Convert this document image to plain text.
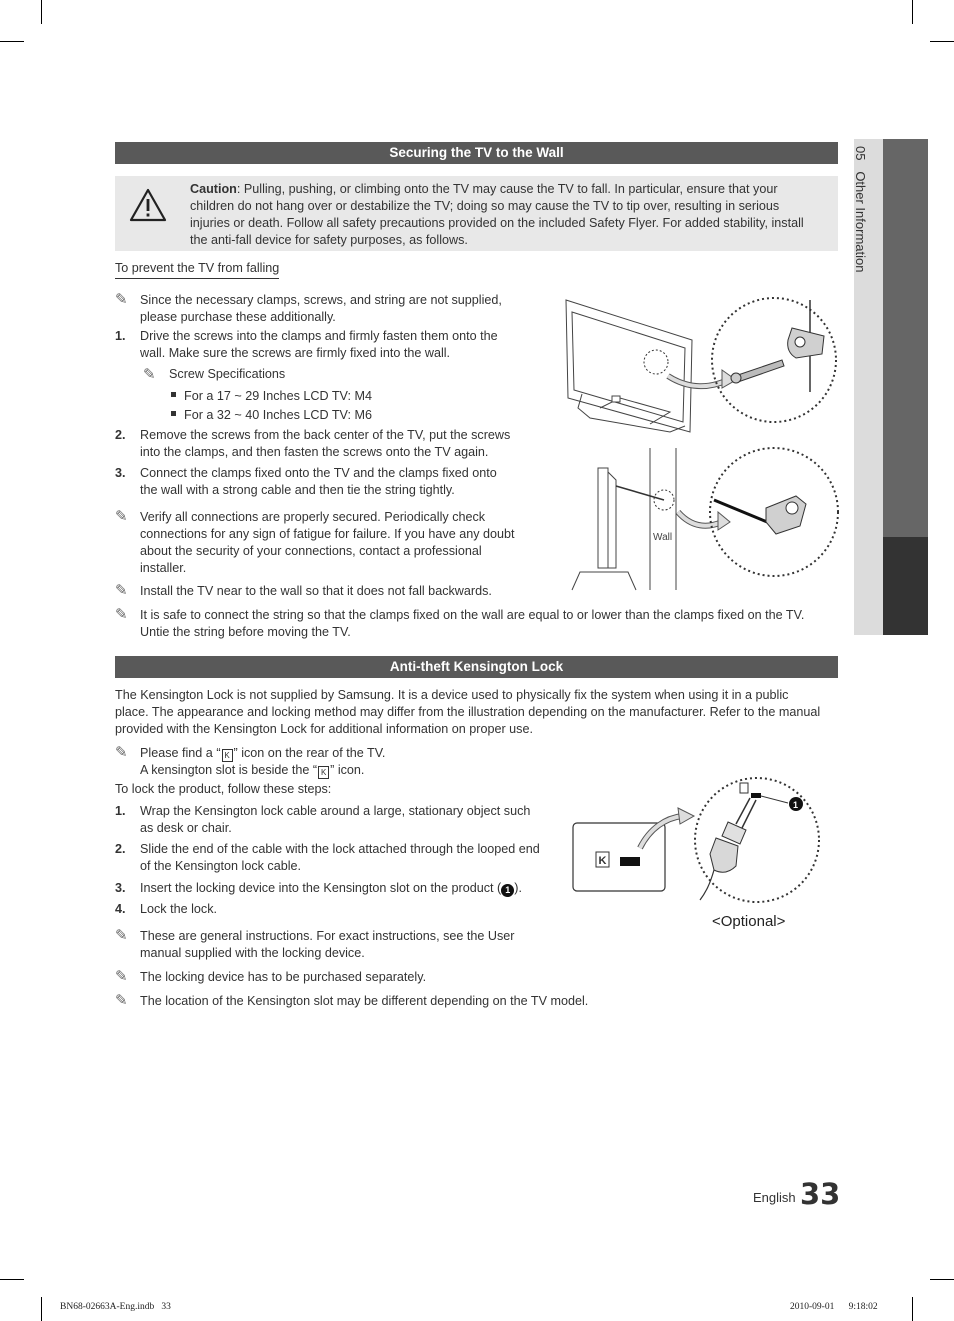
05   Other Information
Securing the TV to the Wall
Caution: Pulling, pushing, or climbing onto the TV may cause the TV to fall. In particular, ensure that your
children do not hang over or destabilize the TV; doing so may cause the TV to tip over, resulting in serious
injuries or death. Follow all safety precautions provided on the included Safety Flyer. For added stability, install
the anti-fall device for safety purposes, as follows.
To prevent the TV from falling
✎ Since the necessary clamps, screws, and string are not supplied,
please purchase these additionally.
1. Drive the screws into the clamps and firmly fasten them onto the
wall. Make sure the screws are firmly fixed into the wall.
✎ Screw Specifications
For a 17 ~ 29 Inches LCD TV: M4
For a 32 ~ 40 Inches LCD TV: M6
2. Remove the screws from the back center of the TV, put the screws
into the clamps, and then fasten the screws onto the TV again.
3. Connect the clamps fixed onto the TV and the clamps fixed onto
the wall with a strong cable and then tie the string tightly.
✎ Verify all connections are properly secured. Periodically check
connections for any sign of fatigue for failure. If you have any doubt
about the security of your connections, contact a professional
installer.
✎ Install the TV near to the wall so that it does not fall backwards.
✎ It is safe to connect the string so that the clamps fixed on the wall are equal to or lower than the clamps fixed on the TV.
Untie the string before moving the TV.
Wall
Anti-theft Kensington Lock
The Kensington Lock is not supplied by Samsung. It is a device used to physically fix the system when using it in a public
place. The appearance and locking method may differ from the illustration depending on the manufacturer. Refer to the manual
provided with the Kensington Lock for additional information on proper use.
✎ Please find a “ K ” icon on the rear of the TV.
A kensington slot is beside the “ K ” icon.
To lock the product, follow these steps:
1. Wrap the Kensington lock cable around a large, stationary object such
as desk or chair.
2. Slide the end of the cable with the lock attached through the looped end
of the Kensington lock cable.
3. Insert the locking device into the Kensington slot on the product ( 1 ).
4. Lock the lock.
✎ These are general instructions. For exact instructions, see the User
manual supplied with the locking device.
✎ The locking device has to be purchased separately.
✎ The location of the Kensington slot may be different depending on the TV model.
K
1
<Optional>
English 33
BN68-02663A-Eng.indb   33	2010-09-01      9:18:02
